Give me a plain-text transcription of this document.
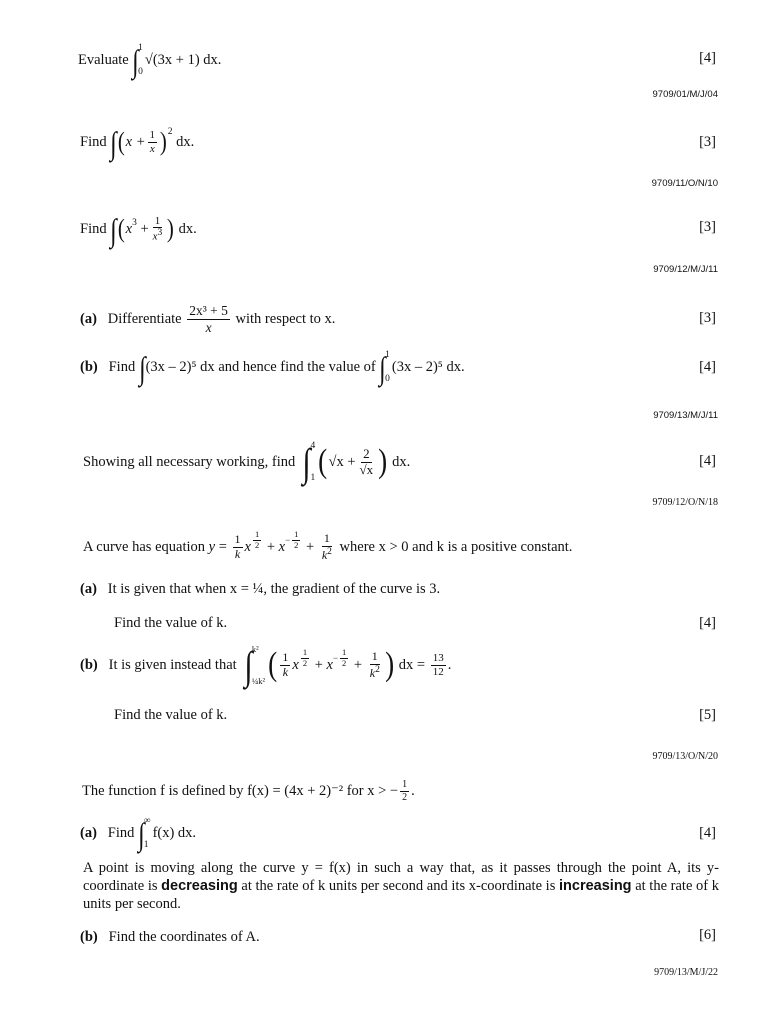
Evaluate
∫ 1
0
√(3x + 1) dx.	[4]
9709/01/M/J/04
Find
∫ ( $x + \frac{1}{x} )^2$

dx.	[3]
9709/11/O/N/10
Find
∫ ( $x^3$
+ $\frac{1}{x^3}$ )
dx.	[3]
9709/12/M/J/11
(a)
Differentiate
$\frac{\text{2x³ + 5}}{x}$
with respect to x.	[3]
(b)
Find
∫ (3x – 2)⁵ dx
and hence find the value of
∫ 1
0
(3x – 2)⁵ dx.	[4]
9709/13/M/J/11
Showing all necessary working, find
∫ 4
1 ( $√x + \frac{2}{√x}$ )
dx.	[4]
9709/12/O/N/18
A curve has equation
$y = \frac{1}{k}$ x $\frac{1}{2} + x - \frac{1}{2} + \frac{1}{k^2}$
where x > 0 and k is a positive constant.
(a)
It is given that when x = ¼, the gradient of the curve is 3.
Find the value of k.	[4]
(b)
It is given instead that
∫ k²
¼k² ( $\frac{1}{k}$ x $\frac{1}{2} + x - \frac{1}{2} + \frac{1}{k^2}$ )
dx =
$\frac{13}{12}$ .
Find the value of k.	[5]
9709/13/O/N/20
The function f is defined by f(x) = (4x + 2)⁻² for x > − $\frac{1}{2}$ .
(a)
Find
∫ ∞
1
f(x) dx.	[4]
A point is moving along the curve y = f(x) in such a way that, as it passes through the point A, its y-coordinate is decreasing at the rate of k units per second and its x-coordinate is increasing at the rate of k units per second.
(b)
Find the coordinates of A.	[6]
9709/13/M/J/22
